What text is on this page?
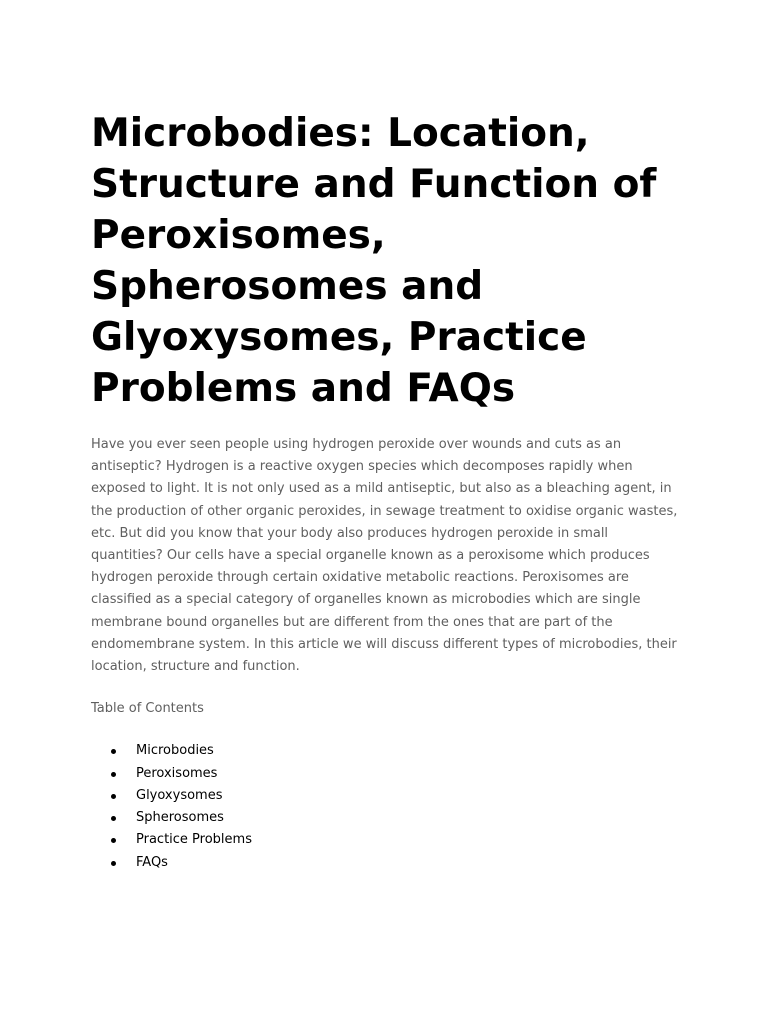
Microbodies: Location, Structure and Function of Peroxisomes, Spherosomes and Glyoxysomes, Practice Problems and FAQs

Have you ever seen people using hydrogen peroxide over wounds and cuts as an antiseptic? Hydrogen is a reactive oxygen species which decomposes rapidly when exposed to light. It is not only used as a mild antiseptic, but also as a bleaching agent, in the production of other organic peroxides, in sewage treatment to oxidise organic wastes, etc. But did you know that your body also produces hydrogen peroxide in small quantities? Our cells have a special organelle known as a peroxisome which produces hydrogen peroxide through certain oxidative metabolic reactions. Peroxisomes are classified as a special category of organelles known as microbodies which are single membrane bound organelles but are different from the ones that are part of the endomembrane system. In this article we will discuss different types of microbodies, their location, structure and function.

Table of Contents
Microbodies
Peroxisomes
Glyoxysomes
Spherosomes
Practice Problems
FAQs
